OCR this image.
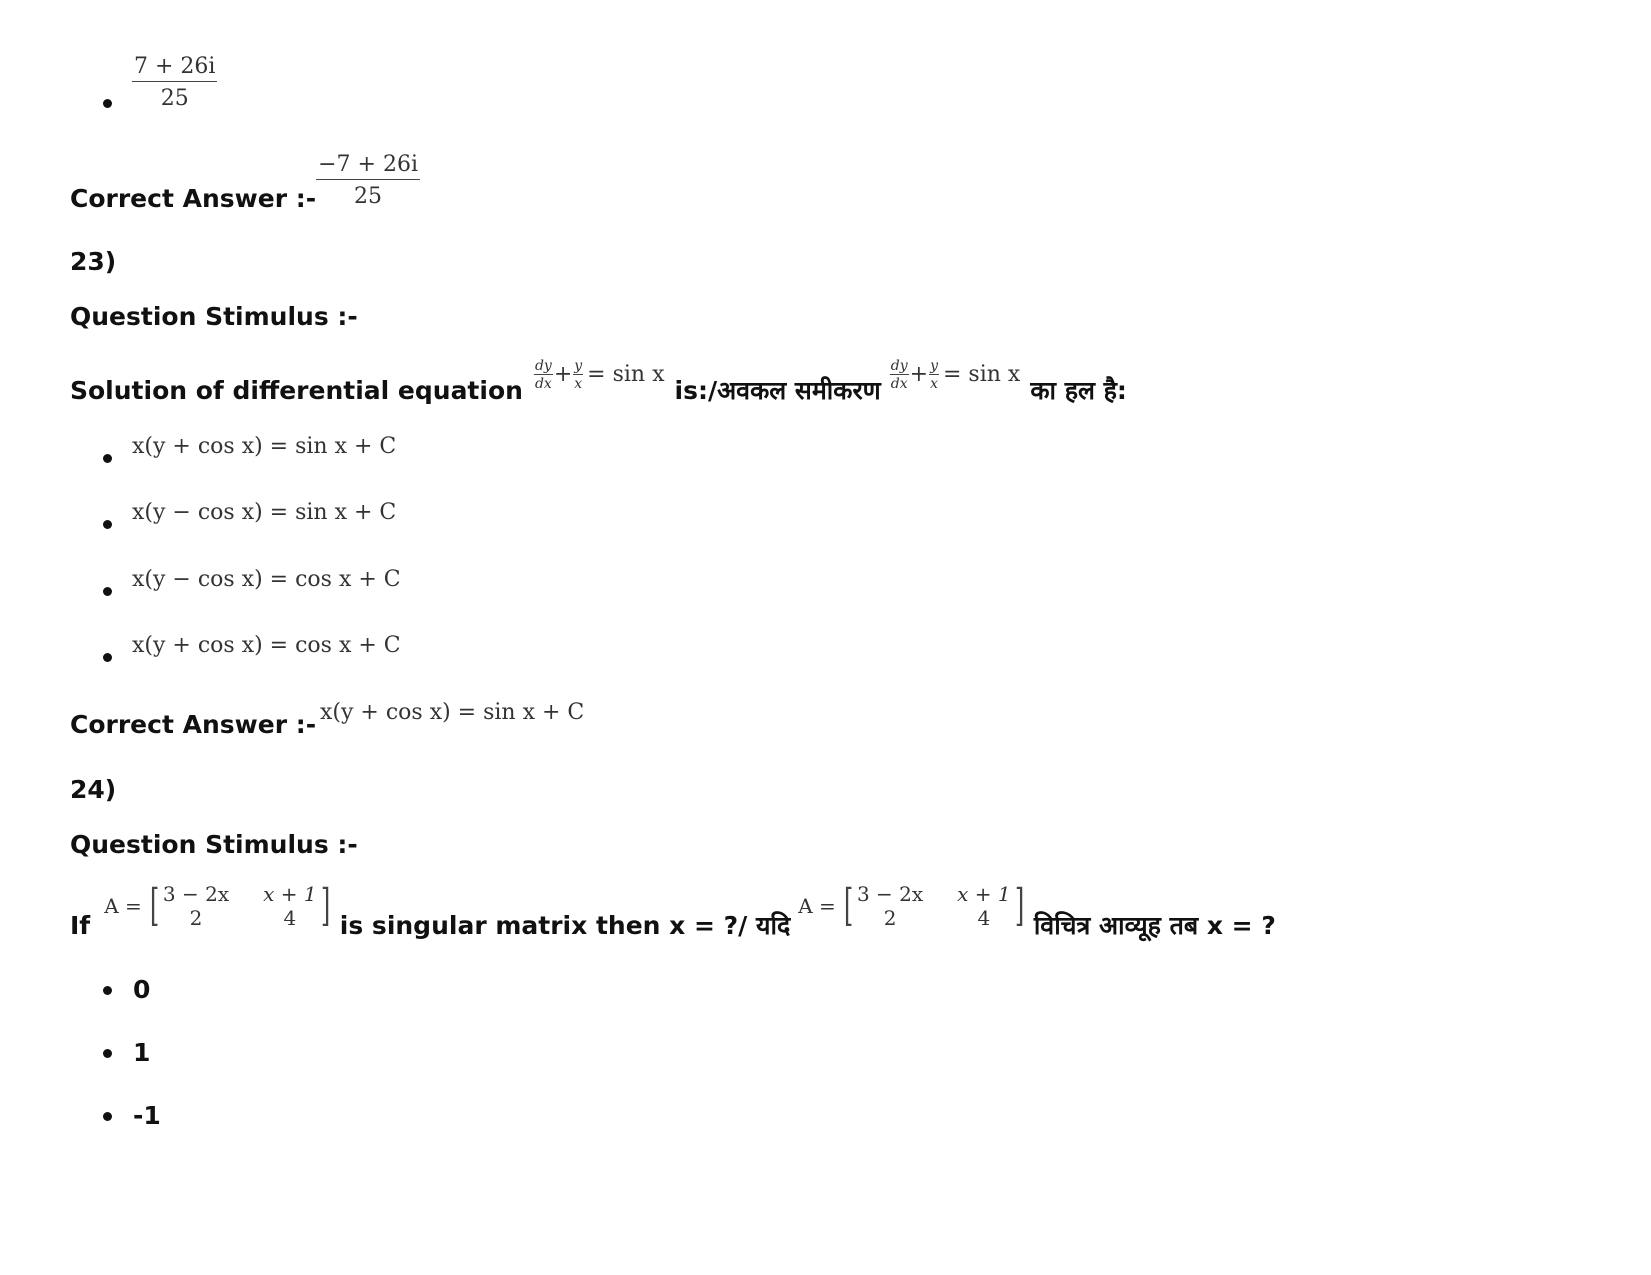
$\frac{7 + 26i}{25}$
Correct Answer :- $\frac{-7 + 26i}{25}$
23)
Question Stimulus :-
Solution of differential equation $\frac{dy}{dx} + \frac{y}{x} = \sin x$
is:/अवकल समीकरण $\frac{dy}{dx} + \frac{y}{x} = \sin x$
का हल है:
x(y + cos x) = sin x + C
x(y − cos x) = sin x + C
x(y − cos x) = cos x + C
x(y + cos x) = cos x + C
Correct Answer :- x(y + cos x) = sin x + C
24)
Question Stimulus :-
If
A = [ 3 − 2x x + 1
2	4 ] is singular matrix then x = ?/ यदि
A = [ 3 − 2x x + 1
2	4 ] विचित्र आव्यूह तब x = ?
0
1
-1
